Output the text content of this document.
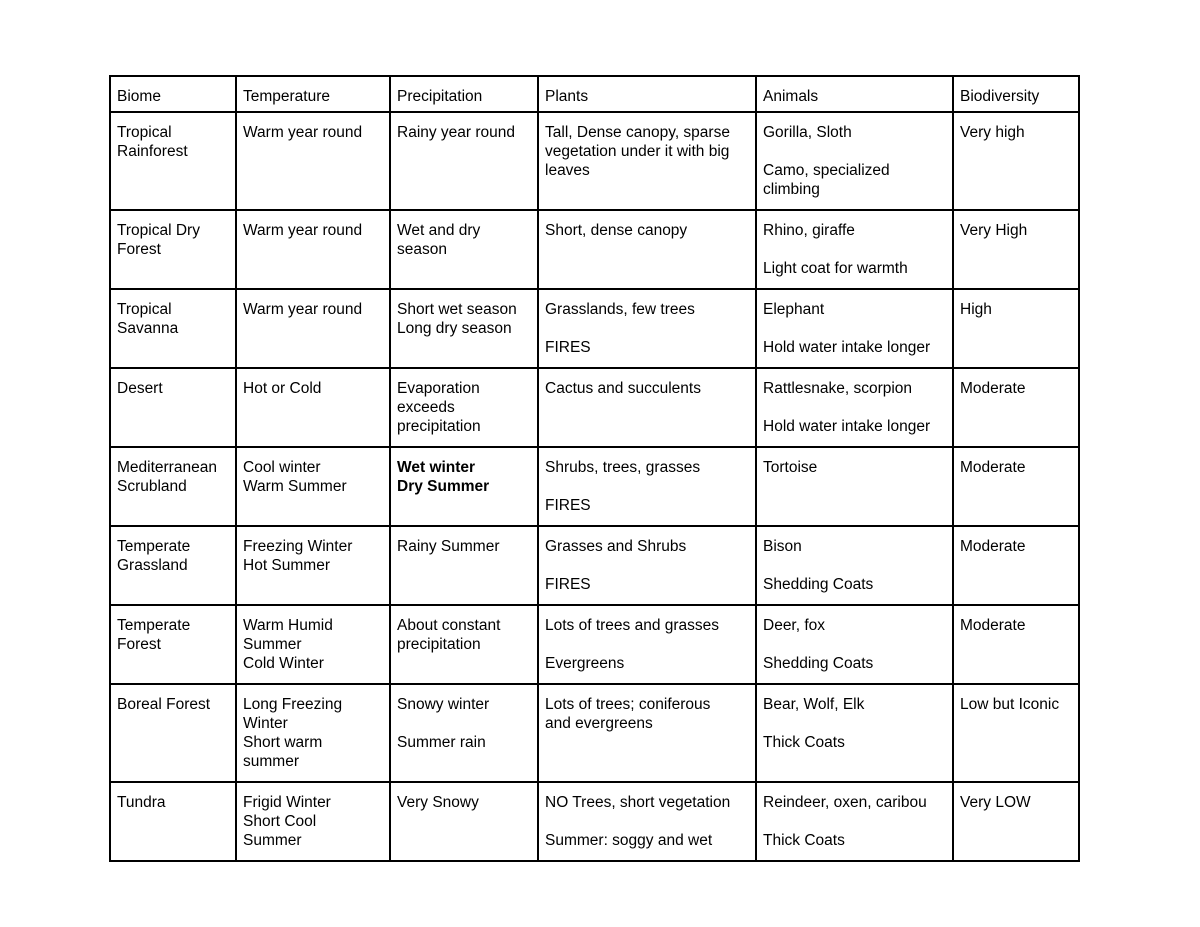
Biome	Temperature	Precipitation	Plants	Animals	Biodiversity

Tropical
Rainforest	Warm year round	Rainy year round	Tall, Dense canopy, sparse
vegetation under it with big
leaves	Gorilla, Sloth
Camo, specialized
climbing	Very high

Tropical Dry
Forest	Warm year round	Wet and dry
season	Short, dense canopy	Rhino, giraffe
Light coat for warmth	Very High

Tropical
Savanna	Warm year round	Short wet season
Long dry season	Grasslands, few trees
FIRES	Elephant
Hold water intake longer	High

Desert	Hot or Cold	Evaporation
exceeds
precipitation	Cactus and succulents	Rattlesnake, scorpion
Hold water intake longer	Moderate

Mediterranean
Scrubland	Cool winter
Warm Summer	Wet winter
Dry Summer	Shrubs, trees, grasses
FIRES	Tortoise	Moderate

Temperate
Grassland	Freezing Winter
Hot Summer	Rainy Summer	Grasses and Shrubs
FIRES	Bison
Shedding Coats	Moderate

Temperate
Forest	Warm Humid
Summer
Cold Winter	About constant
precipitation	Lots of trees and grasses
Evergreens	Deer, fox
Shedding Coats	Moderate

Boreal Forest	Long Freezing
Winter
Short warm
summer	Snowy winter
Summer rain	Lots of trees; coniferous
and evergreens	Bear, Wolf, Elk
Thick Coats	Low but Iconic

Tundra	Frigid Winter
Short Cool
Summer	Very Snowy	NO Trees, short vegetation
Summer: soggy and wet	Reindeer, oxen, caribou
Thick Coats	Very LOW
